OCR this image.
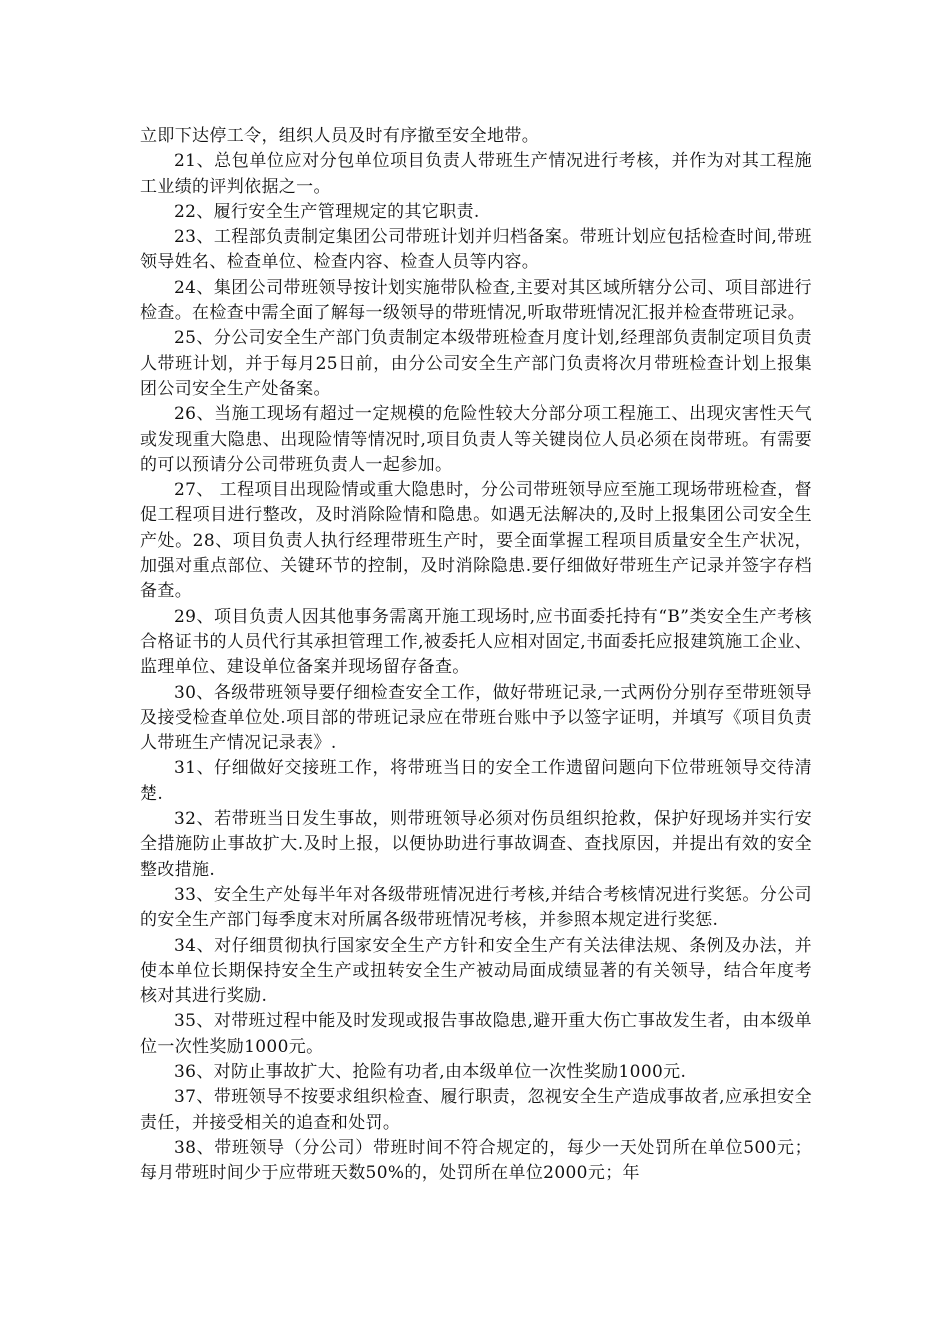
立即下达停工令，组织人员及时有序撤至安全地带。

21、总包单位应对分包单位项目负责人带班生产情况进行考核，并作为对其工程施工业绩的评判依据之一。

22、履行安全生产管理规定的其它职责.

23、工程部负责制定集团公司带班计划并归档备案。带班计划应包括检查时间,带班领导姓名、检查单位、检查内容、检查人员等内容。

24、集团公司带班领导按计划实施带队检查,主要对其区域所辖分公司、项目部进行检查。在检查中需全面了解每一级领导的带班情况,听取带班情况汇报并检查带班记录。

25、分公司安全生产部门负责制定本级带班检查月度计划,经理部负责制定项目负责人带班计划，并于每月25日前，由分公司安全生产部门负责将次月带班检查计划上报集团公司安全生产处备案。

26、当施工现场有超过一定规模的危险性较大分部分项工程施工、出现灾害性天气或发现重大隐患、出现险情等情况时,项目负责人等关键岗位人员必须在岗带班。有需要的可以预请分公司带班负责人一起参加。

27、 工程项目出现险情或重大隐患时，分公司带班领导应至施工现场带班检查，督促工程项目进行整改，及时消除险情和隐患。如遇无法解决的,及时上报集团公司安全生产处。28、项目负责人执行经理带班生产时，要全面掌握工程项目质量安全生产状况，加强对重点部位、关键环节的控制，及时消除隐患.要仔细做好带班生产记录并签字存档备查。

29、项目负责人因其他事务需离开施工现场时,应书面委托持有“B”类安全生产考核合格证书的人员代行其承担管理工作,被委托人应相对固定,书面委托应报建筑施工企业、监理单位、建设单位备案并现场留存备查。

30、各级带班领导要仔细检查安全工作，做好带班记录,一式两份分别存至带班领导及接受检查单位处.项目部的带班记录应在带班台账中予以签字证明，并填写《项目负责人带班生产情况记录表》.

31、仔细做好交接班工作，将带班当日的安全工作遗留问题向下位带班领导交待清楚.

32、若带班当日发生事故，则带班领导必须对伤员组织抢救，保护好现场并实行安全措施防止事故扩大.及时上报，以便协助进行事故调查、查找原因，并提出有效的安全整改措施.

33、安全生产处每半年对各级带班情况进行考核,并结合考核情况进行奖惩。分公司的安全生产部门每季度末对所属各级带班情况考核，并参照本规定进行奖惩.

34、对仔细贯彻执行国家安全生产方针和安全生产有关法律法规、条例及办法，并使本单位长期保持安全生产或扭转安全生产被动局面成绩显著的有关领导，结合年度考核对其进行奖励.

35、对带班过程中能及时发现或报告事故隐患,避开重大伤亡事故发生者，由本级单位一次性奖励1000元。

36、对防止事故扩大、抢险有功者,由本级单位一次性奖励1000元.

37、带班领导不按要求组织检查、履行职责，忽视安全生产造成事故者,应承担安全责任，并接受相关的追查和处罚。

38、带班领导（分公司）带班时间不符合规定的，每少一天处罚所在单位500元；每月带班时间少于应带班天数50%的，处罚所在单位2000元；年
